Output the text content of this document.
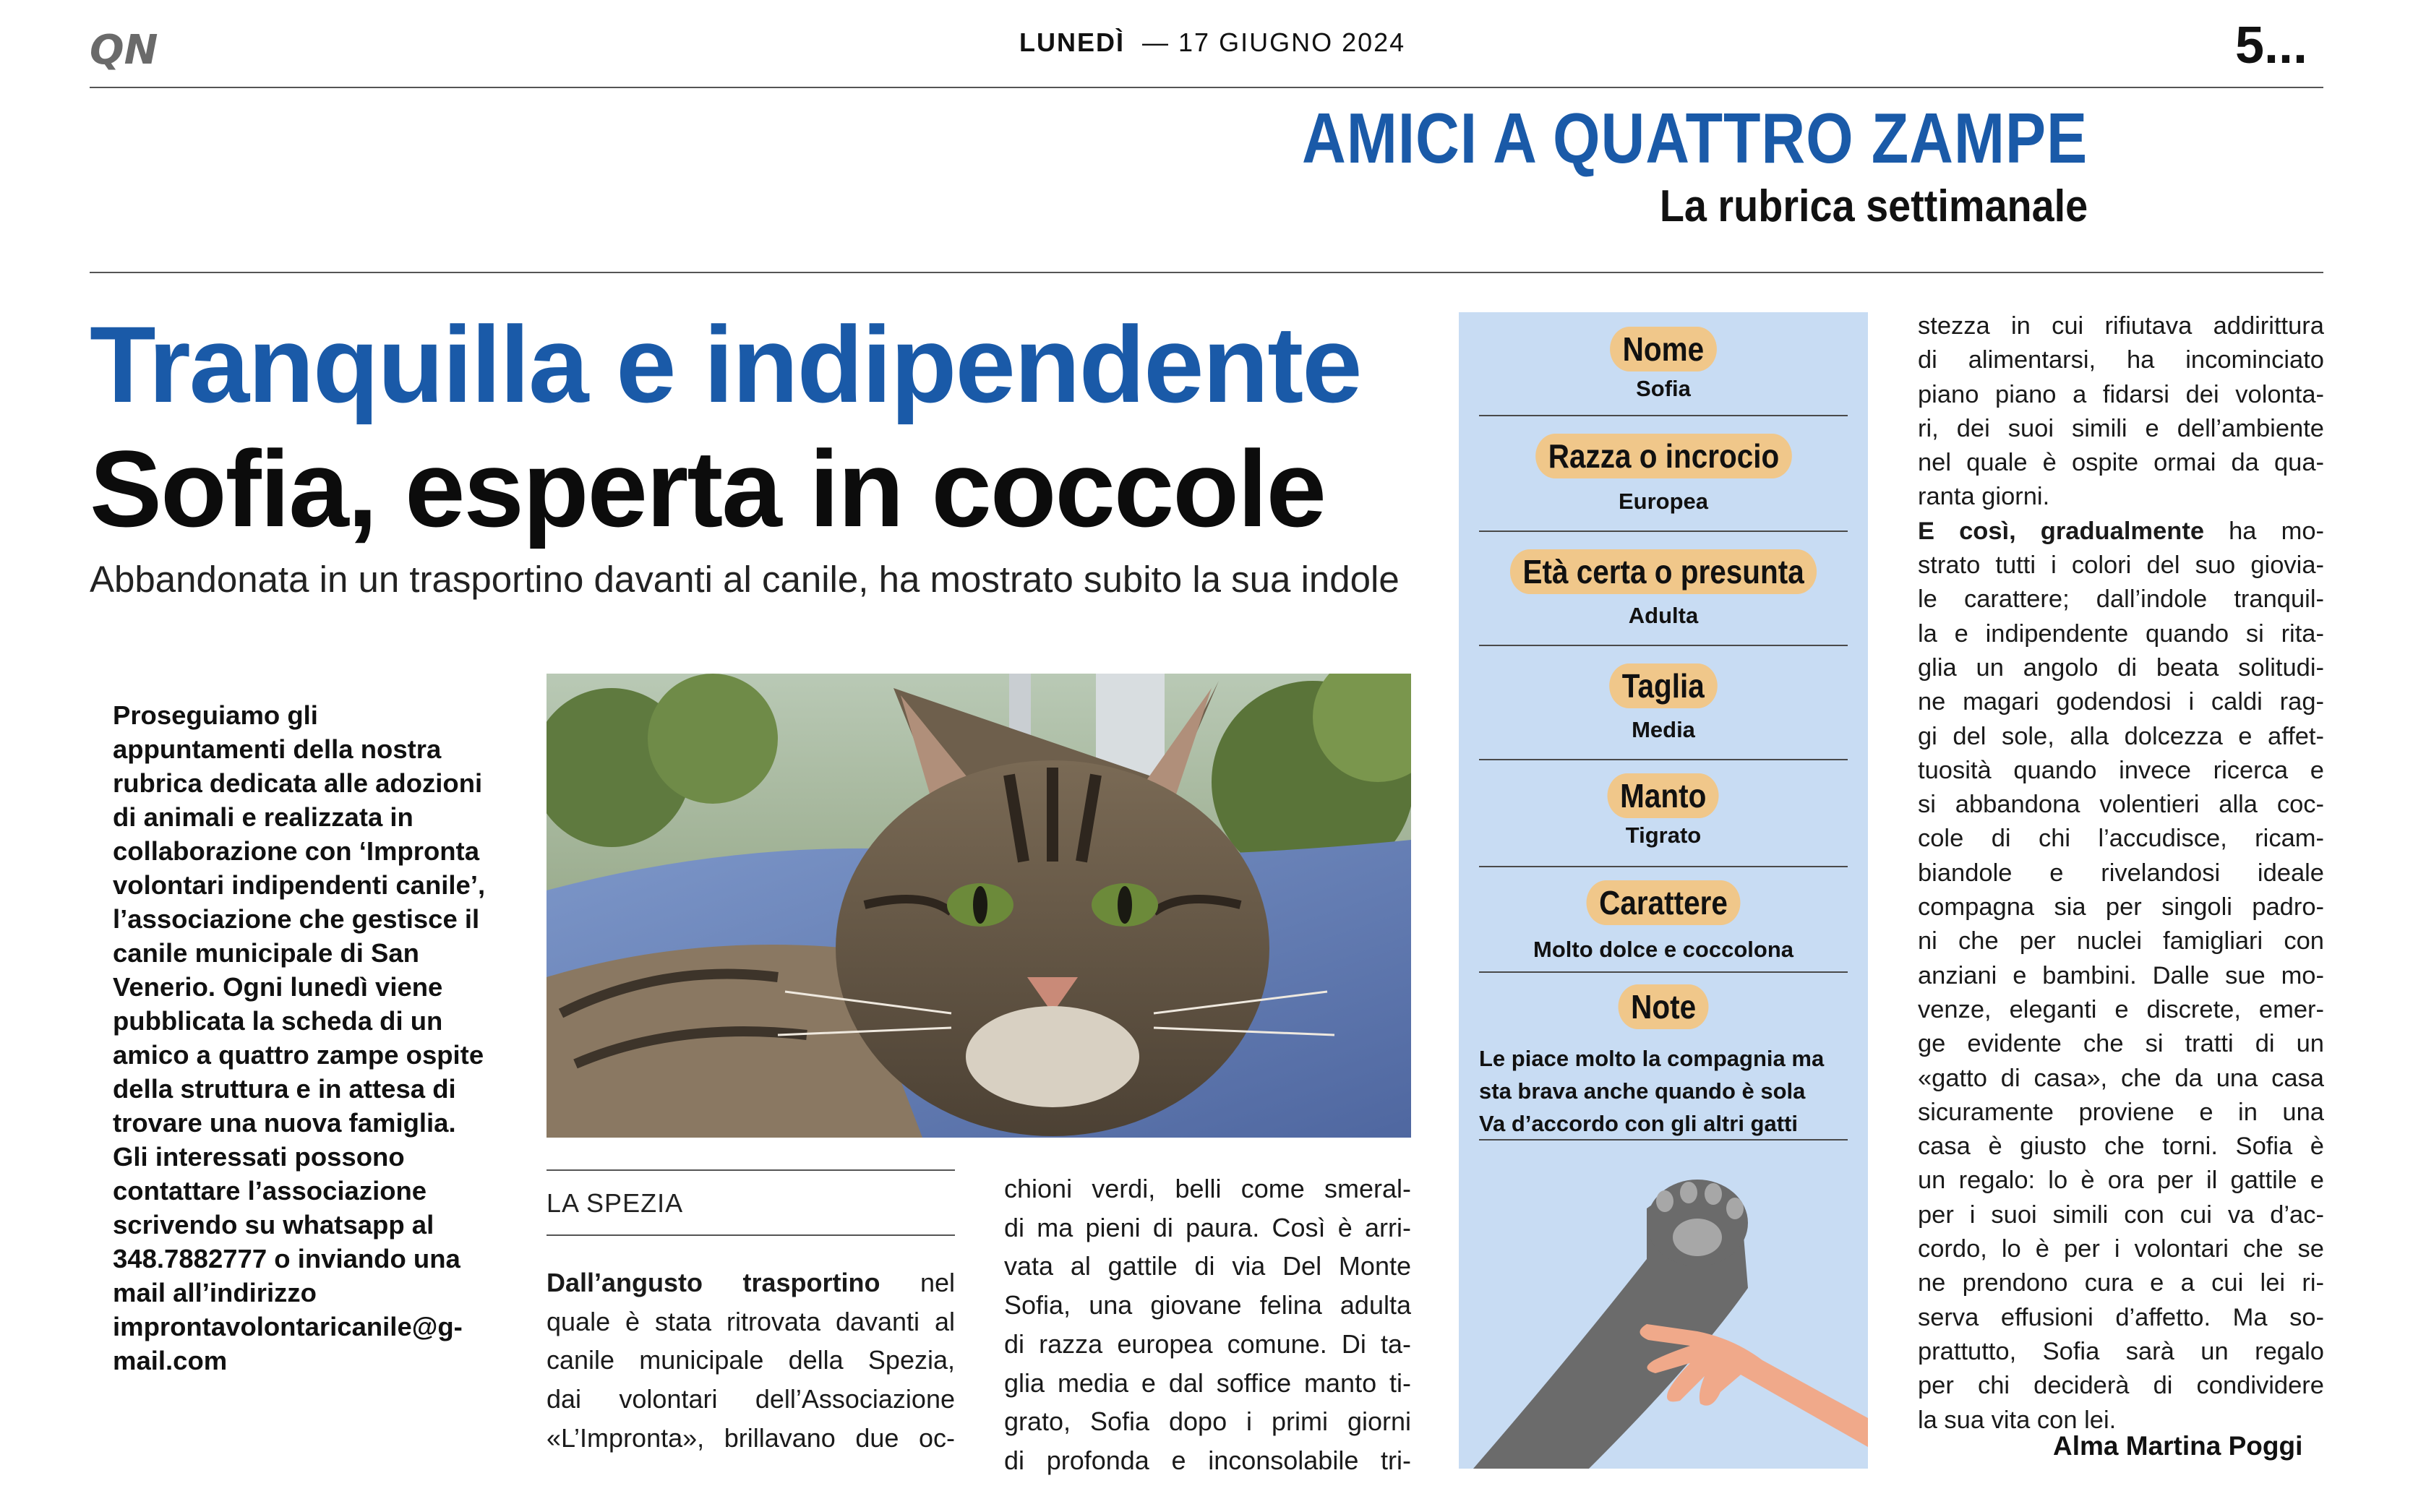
QN	LUNEDÌ — 17 GIUGNO 2024	5...
AMICI A QUATTRO ZAMPE
La rubrica settimanale
Tranquilla e indipendente
Sofia, esperta in coccole
Abbandonata in un trasportino davanti al canile, ha mostrato subito la sua indole
Proseguiamo gli appuntamenti della nostra rubrica dedicata alle adozioni di animali e realizzata in collaborazione con ‘Impronta volontari indipendenti canile’, l’associazione che gestisce il canile municipale di San Venerio. Ogni lunedì viene pubblicata la scheda di un amico a quattro zampe ospite della struttura e in attesa di trovare una nuova famiglia. Gli interessati possono contattare l’associazione scrivendo su whatsapp al 348.7882777 o inviando una mail all’indirizzo improntavolontaricanile@g-mail.com
LA SPEZIA

Dall’angusto trasportino nel

quale è stata ritrovata davanti al

canile municipale della Spezia,

dai volontari dell’Associazione

«L’Impronta», brillavano due oc-

chioni verdi, belli come smeral-

di ma pieni di paura. Così è arri-

vata al gattile di via Del Monte

Sofia, una giovane felina adulta

di razza europea comune. Di ta-

glia media e dal soffice manto ti-

grato, Sofia dopo i primi giorni

di profonda e inconsolabile tri-

Nome
Sofia
Razza o incrocio
Europea
Età certa o presunta
Adulta
Taglia
Media
Manto
Tigrato
Carattere
Molto dolce e coccolona
Note
Le piace molto la compagnia ma
sta brava anche quando è sola
Va d’accordo con gli altri gatti

stezza in cui rifiutava addirittura

di alimentarsi, ha incominciato

piano piano a fidarsi dei volonta-

ri, dei suoi simili e dell’ambiente

nel quale è ospite ormai da qua-

ranta giorni.

E così, gradualmente ha mo-

strato tutti i colori del suo giovia-

le carattere; dall’indole tranquil-

la e indipendente quando si rita-

glia un angolo di beata solitudi-

ne magari godendosi i caldi rag-

gi del sole, alla dolcezza e affet-

tuosità quando invece ricerca e

si abbandona volentieri alla coc-

cole di chi l’accudisce, ricam-

biandole e rivelandosi ideale

compagna sia per singoli padro-

ni che per nuclei famigliari con

anziani e bambini. Dalle sue mo-

venze, eleganti e discrete, emer-

ge evidente che si tratti di un

«gatto di casa», che da una casa

sicuramente proviene e in una

casa è giusto che torni. Sofia è

un regalo: lo è ora per il gattile e

per i suoi simili con cui va d’ac-

cordo, lo è per i volontari che se

ne prendono cura e a cui lei ri-

serva effusioni d’affetto. Ma so-

prattutto, Sofia sarà un regalo

per chi deciderà di condividere

la sua vita con lei.

Alma Martina Poggi
